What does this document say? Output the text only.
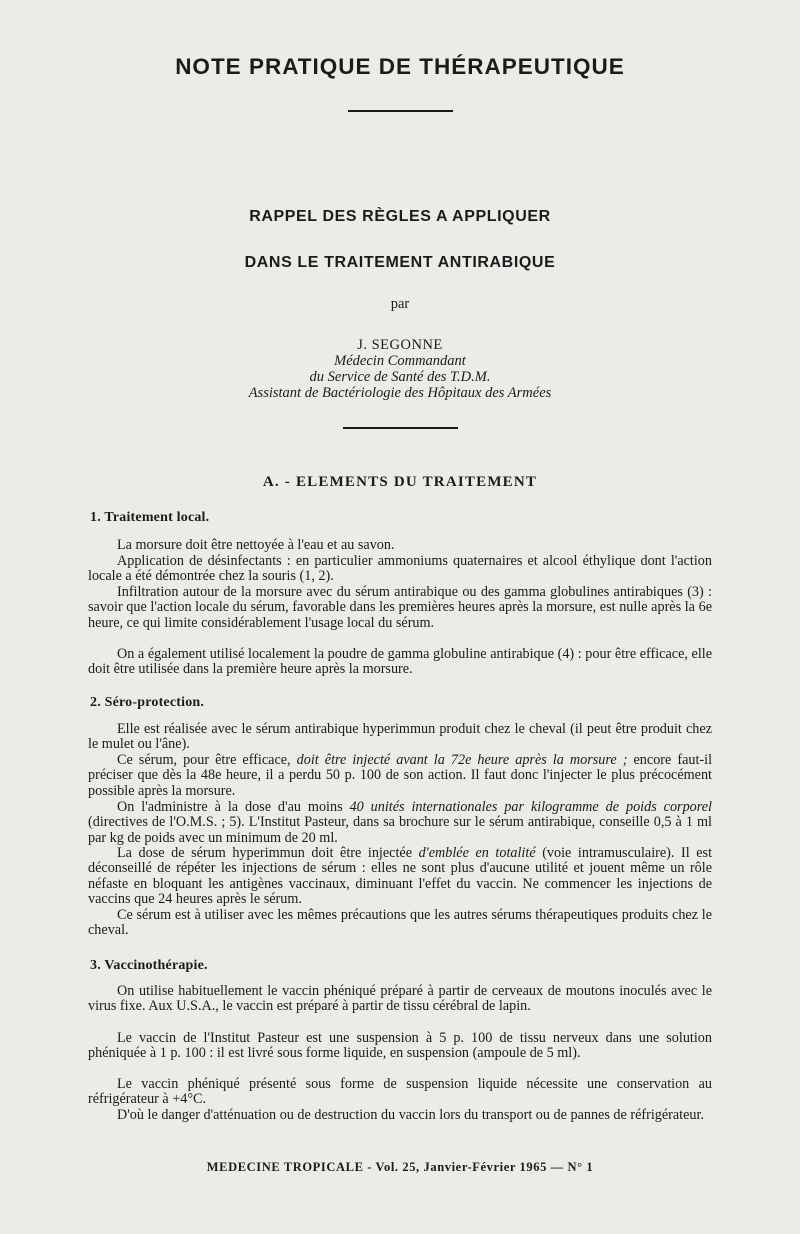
NOTE PRATIQUE DE THÉRAPEUTIQUE
RAPPEL DES RÈGLES A APPLIQUER
DANS LE TRAITEMENT ANTIRABIQUE
par
J. SEGONNE
Médecin Commandant
du Service de Santé des T.D.M.
Assistant de Bactériologie des Hôpitaux des Armées
A. - ELEMENTS DU TRAITEMENT
1. Traitement local.

La morsure doit être nettoyée à l'eau et au savon.

Application de désinfectants : en particulier ammoniums quaternaires et alcool éthylique dont l'action locale a été démontrée chez la souris (1, 2).

Infiltration autour de la morsure avec du sérum antirabique ou des gamma globulines antirabiques (3) : savoir que l'action locale du sérum, favorable dans les premières heures après la morsure, est nulle après la 6e heure, ce qui limite considérablement l'usage local du sérum.

On a également utilisé localement la poudre de gamma globuline antirabique (4) : pour être efficace, elle doit être utilisée dans la première heure après la morsure.

2. Séro-protection.

Elle est réalisée avec le sérum antirabique hyperimmun produit chez le cheval (il peut être produit chez le mulet ou l'âne).

Ce sérum, pour être efficace, doit être injecté avant la 72e heure après la morsure ; encore faut-il préciser que dès la 48e heure, il a perdu 50 p. 100 de son action. Il faut donc l'injecter le plus précocément possible après la morsure.

On l'administre à la dose d'au moins 40 unités internationales par kilogramme de poids corporel (directives de l'O.M.S. ; 5). L'Institut Pasteur, dans sa brochure sur le sérum antirabique, conseille 0,5 à 1 ml par kg de poids avec un minimum de 20 ml.

La dose de sérum hyperimmun doit être injectée d'emblée en totalité (voie intramusculaire). Il est déconseillé de répéter les injections de sérum : elles ne sont plus d'aucune utilité et jouent même un rôle néfaste en bloquant les antigènes vaccinaux, diminuant l'effet du vaccin. Ne commencer les injections de vaccins que 24 heures après le sérum.

Ce sérum est à utiliser avec les mêmes précautions que les autres sérums thérapeutiques produits chez le cheval.

3. Vaccinothérapie.

On utilise habituellement le vaccin phéniqué préparé à partir de cerveaux de moutons inoculés avec le virus fixe. Aux U.S.A., le vaccin est préparé à partir de tissu cérébral de lapin.

Le vaccin de l'Institut Pasteur est une suspension à 5 p. 100 de tissu nerveux dans une solution phéniquée à 1 p. 100 : il est livré sous forme liquide, en suspension (ampoule de 5 ml).

Le vaccin phéniqué présenté sous forme de suspension liquide nécessite une conservation au réfrigérateur à +4°C.

D'où le danger d'atténuation ou de destruction du vaccin lors du transport ou de pannes de réfrigérateur.

MEDECINE TROPICALE - Vol. 25, Janvier-Février 1965 — N° 1
